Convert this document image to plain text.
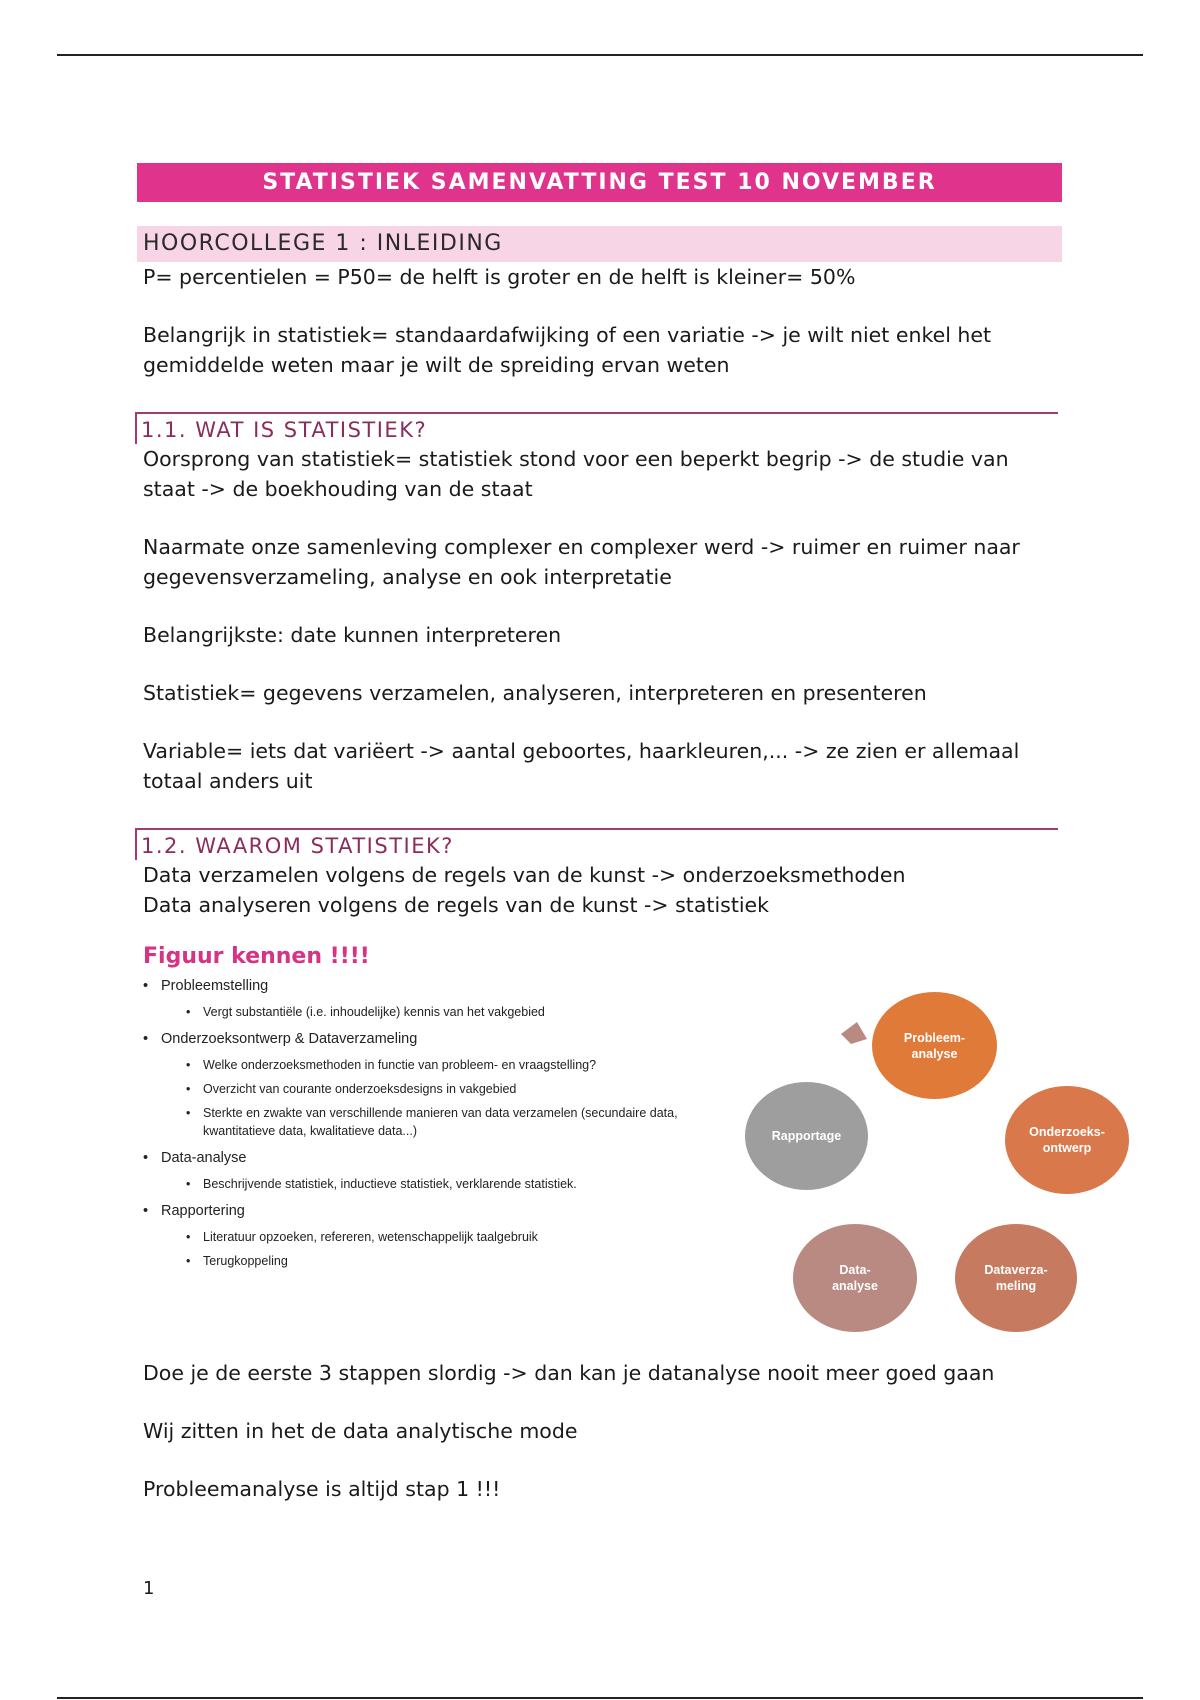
STATISTIEK SAMENVATTING TEST 10 NOVEMBER
HOORCOLLEGE 1 : INLEIDING

P= percentielen = P50= de helft is groter en de helft is kleiner= 50%

Belangrijk in statistiek= standaardafwijking of een variatie -> je wilt niet enkel het gemiddelde weten maar je wilt de spreiding ervan weten

1.1. WAT IS STATISTIEK?

Oorsprong van statistiek= statistiek stond voor een beperkt begrip -> de studie van staat -> de boekhouding van de staat

Naarmate onze samenleving complexer en complexer werd -> ruimer en ruimer naar gegevensverzameling, analyse en ook interpretatie

Belangrijkste: date kunnen interpreteren

Statistiek= gegevens verzamelen, analyseren, interpreteren en presenteren

Variable= iets dat variëert -> aantal geboortes, haarkleuren,... -> ze zien er allemaal totaal anders uit

1.2. WAAROM STATISTIEK?

Data verzamelen volgens de regels van de kunst -> onderzoeksmethoden

Data analyseren volgens de regels van de kunst -> statistiek

Figuur kennen !!!!
• Probleemstelling
• Vergt substantiële (i.e. inhoudelijke) kennis van het vakgebied
• Onderzoeksontwerp & Dataverzameling
• Welke onderzoeksmethoden in functie van probleem- en vraagstelling?
• Overzicht van courante onderzoeksdesigns in vakgebied
• Sterkte en zwakte van verschillende manieren van data verzamelen (secundaire data, kwantitatieve data, kwalitatieve data...)
• Data-analyse
• Beschrijvende statistiek, inductieve statistiek, verklarende statistiek.
• Rapportering
• Literatuur opzoeken, refereren, wetenschappelijk taalgebruik
• Terugkoppeling
Probleem-
analyse
Onderzoeks-
ontwerp
Dataverza-
meling
Data-
analyse
Rapportage

Doe je de eerste 3 stappen slordig -> dan kan je datanalyse nooit meer goed gaan

Wij zitten in het de data analytische mode

Probleemanalyse is altijd stap 1 !!!

1
